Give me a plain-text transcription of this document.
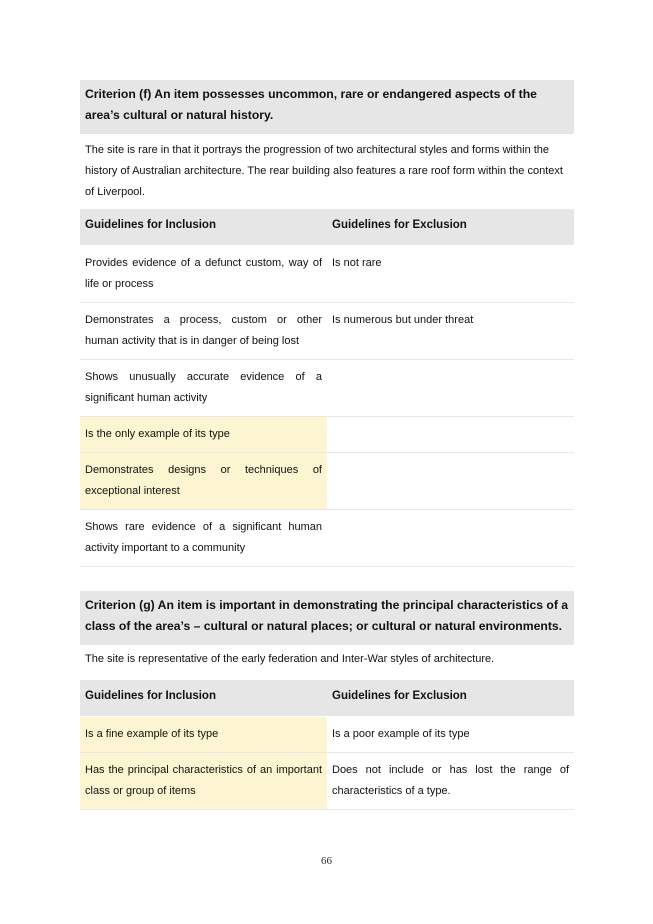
Criterion (f) An item possesses uncommon, rare or endangered aspects of the area’s cultural or natural history.
The site is rare in that it portrays the progression of two architectural styles and forms within the history of Australian architecture. The rear building also features a rare roof form within the context of Liverpool.
Guidelines for Inclusion	Guidelines for Exclusion
Provides evidence of a defunct custom, way of life or process	Is not rare
Demonstrates a process, custom or other human activity that is in danger of being lost	Is numerous but under threat
Shows unusually accurate evidence of a significant human activity	
Is the only example of its type	
Demonstrates designs or techniques of exceptional interest	
Shows rare evidence of a significant human activity important to a community	
Criterion (g) An item is important in demonstrating the principal characteristics of a class of the area’s – cultural or natural places; or cultural or natural environments.
The site is representative of the early federation and Inter-War styles of architecture.
Guidelines for Inclusion	Guidelines for Exclusion
Is a fine example of its type	Is a poor example of its type
Has the principal characteristics of an important class or group of items	Does not include or has lost the range of characteristics of a type.
66
